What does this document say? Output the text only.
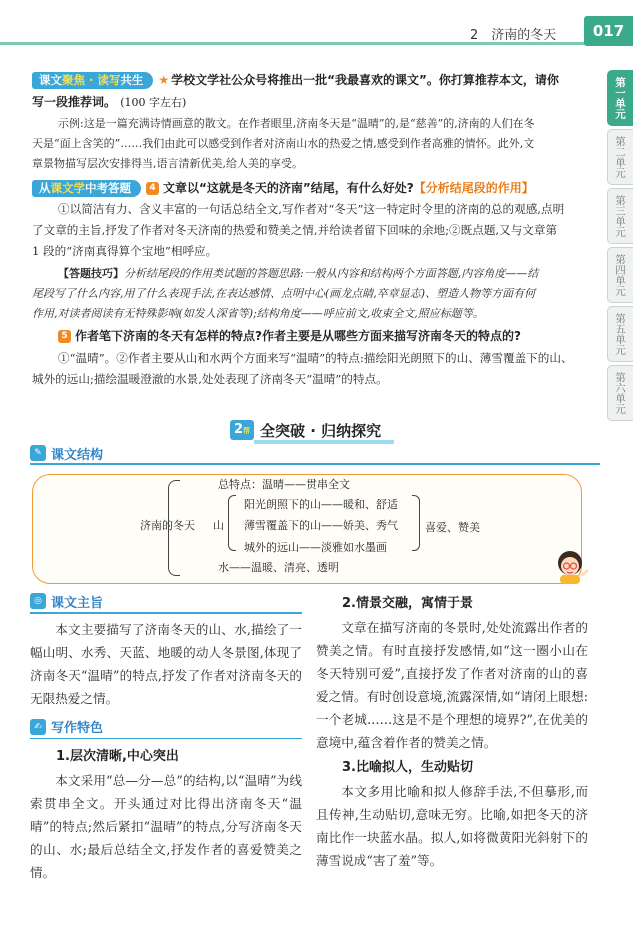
2　济南的冬天	017
第一单元
第二单元
第三单元
第四单元
第五单元
第六单元
课文聚焦 · 读写共生 ★ 学校文学社公众号将推出一批“我最喜欢的课文”。你打算推荐本文，请你
写一段推荐词。 (100 字左右)
示例:这是一篇充满诗情画意的散文。在作者眼里,济南冬天是“温晴”的,是“慈善”的,济南的人们在冬
天是“面上含笑的”……我们由此可以感受到作者对济南山水的热爱之情,感受到作者高雅的情怀。此外,文
章景物描写层次安排得当,语言清新优美,给人美的享受。
从课文学中考答题 4 文章以“这就是冬天的济南”结尾，有什么好处?【分析结尾段的作用】
①以简洁有力、含义丰富的一句话总结全文,写作者对“冬天”这一特定时令里的济南的总的观感,点明
了文章的主旨,抒发了作者对冬天济南的热爱和赞美之情,并给读者留下回味的余地;②既点题,又与文章第
1 段的“济南真得算个宝地”相呼应。
【答题技巧】分析结尾段的作用类试题的答题思路:一般从内容和结构两个方面答题,内容角度——结
尾段写了什么内容,用了什么表现手法,在表达感情、点明中心(画龙点睛,卒章显志)、塑造人物等方面有何
作用,对读者阅读有无特殊影响(如发人深省等);结构角度——呼应前文,收束全文,照应标题等。
5 作者笔下济南的冬天有怎样的特点?作者主要是从哪些方面来描写济南冬天的特点的?
①“温晴”。②作者主要从山和水两个方面来写“温晴”的特点:描绘阳光朗照下的山、薄雪覆盖下的山、
城外的远山;描绘温暖澄澈的水景,处处表现了济南冬天“温晴”的特点。
2帮 全突破 · 归纳探究
✎ 课文结构
济南的冬天
总特点：温晴——贯串全文
山
阳光朗照下的山——暖和、舒适
薄雪覆盖下的山——娇美、秀气
城外的远山——淡雅如水墨画
喜爱、赞美
水——温暖、清亮、透明
◎ 课文主旨
本文主要描写了济南冬天的山、水,描绘了一幅山明、水秀、天蓝、地暖的动人冬景图,体现了济南冬天“温晴”的特点,抒发了作者对济南冬天的无限热爱之情。
✍ 写作特色
1.层次清晰,中心突出
本文采用“总—分—总”的结构,以“温晴”为线索贯串全文。开头通过对比得出济南冬天“温晴”的特点;然后紧扣“温晴”的特点,分写济南冬天的山、水;最后总结全文,抒发作者的喜爱赞美之情。
2.情景交融，寓情于景
文章在描写济南的冬景时,处处流露出作者的赞美之情。有时直接抒发感情,如“这一圈小山在冬天特别可爱”,直接抒发了作者对济南的山的喜爱之情。有时创设意境,流露深情,如“请闭上眼想:一个老城……这是不是个理想的境界?”,在优美的意境中,蕴含着作者的赞美之情。
3.比喻拟人，生动贴切
本文多用比喻和拟人修辞手法,不但摹形,而且传神,生动贴切,意味无穷。比喻,如把冬天的济南比作一块蓝水晶。拟人,如将微黄阳光斜射下的薄雪说成“害了羞”等。
